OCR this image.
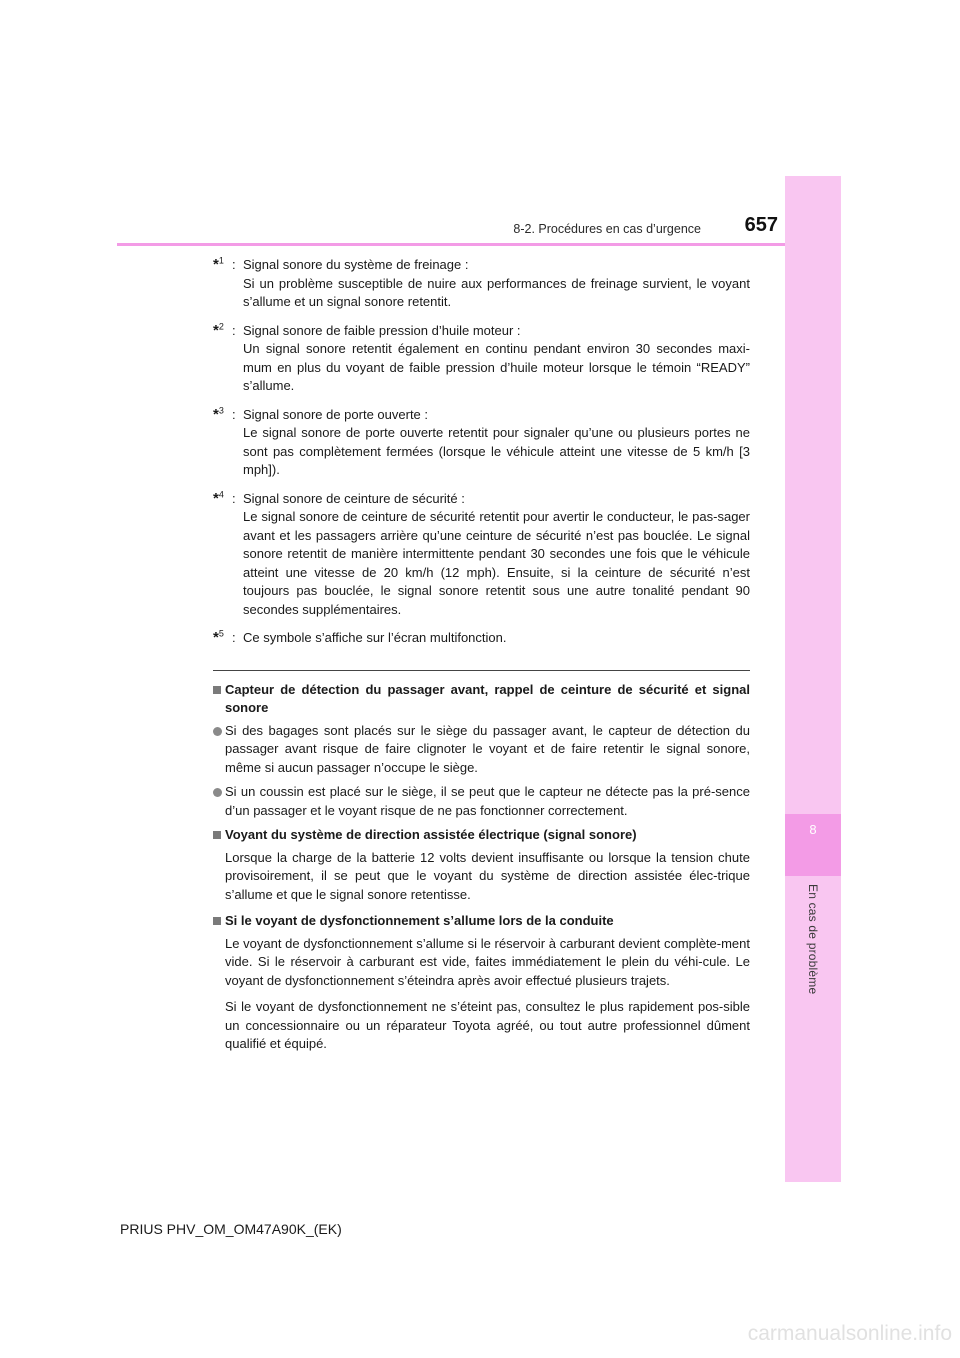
8
En cas de problème
8-2. Procédures en cas d’urgence 657
*$^1$ : Signal sonore du système de freinage :

Si un problème susceptible de nuire aux performances de freinage survient, le voyant s’allume et un signal sonore retentit.

*$^2$ : Signal sonore de faible pression d’huile moteur :

Un signal sonore retentit également en continu pendant environ 30 secondes maxi-mum en plus du voyant de faible pression d’huile moteur lorsque le témoin “READY” s’allume.

*$^3$ : Signal sonore de porte ouverte :

Le signal sonore de porte ouverte retentit pour signaler qu’une ou plusieurs portes ne sont pas complètement fermées (lorsque le véhicule atteint une vitesse de 5 km/h [3 mph]).

*$^4$ : Signal sonore de ceinture de sécurité :

Le signal sonore de ceinture de sécurité retentit pour avertir le conducteur, le pas-sager avant et les passagers arrière qu’une ceinture de sécurité n’est pas bouclée. Le signal sonore retentit de manière intermittente pendant 30 secondes une fois que le véhicule atteint une vitesse de 20 km/h (12 mph). Ensuite, si la ceinture de sécurité n’est toujours pas bouclée, le signal sonore retentit sous une autre tonalité pendant 90 secondes supplémentaires.

*$^5$ : Ce symbole s’affiche sur l’écran multifonction.

Capteur de détection du passager avant, rappel de ceinture de sécurité et signal sonore
Si des bagages sont placés sur le siège du passager avant, le capteur de détection du passager avant risque de faire clignoter le voyant et de faire retentir le signal sonore, même si aucun passager n’occupe le siège.
Si un coussin est placé sur le siège, il se peut que le capteur ne détecte pas la pré-sence d’un passager et le voyant risque de ne pas fonctionner correctement.
Voyant du système de direction assistée électrique (signal sonore)
Lorsque la charge de la batterie 12 volts devient insuffisante ou lorsque la tension chute provisoirement, il se peut que le voyant du système de direction assistée élec-trique s’allume et que le signal sonore retentisse.
Si le voyant de dysfonctionnement s’allume lors de la conduite
Le voyant de dysfonctionnement s’allume si le réservoir à carburant devient complète-ment vide. Si le réservoir à carburant est vide, faites immédiatement le plein du véhi-cule. Le voyant de dysfonctionnement s’éteindra après avoir effectué plusieurs trajets.
Si le voyant de dysfonctionnement ne s’éteint pas, consultez le plus rapidement pos-sible un concessionnaire ou un réparateur Toyota agréé, ou tout autre professionnel dûment qualifié et équipé.
PRIUS PHV_OM_OM47A90K_(EK)
carmanualsonline.info
